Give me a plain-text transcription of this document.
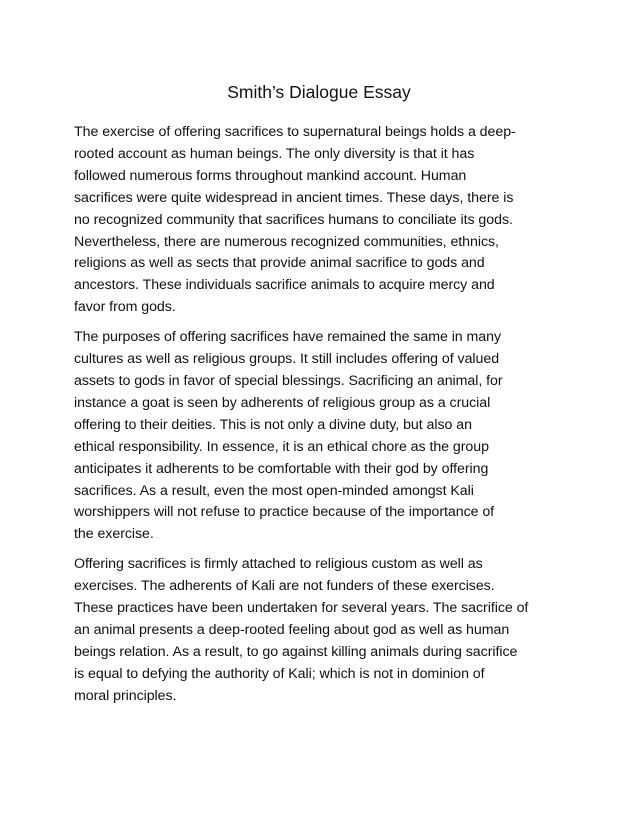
Smith’s Dialogue Essay

The exercise of offering sacrifices to supernatural beings holds a deep-
rooted account as human beings. The only diversity is that it has
followed numerous forms throughout mankind account. Human
sacrifices were quite widespread in ancient times. These days, there is
no recognized community that sacrifices humans to conciliate its gods.
Nevertheless, there are numerous recognized communities, ethnics,
religions as well as sects that provide animal sacrifice to gods and
ancestors. These individuals sacrifice animals to acquire mercy and
favor from gods.

The purposes of offering sacrifices have remained the same in many
cultures as well as religious groups. It still includes offering of valued
assets to gods in favor of special blessings. Sacrificing an animal, for
instance a goat is seen by adherents of religious group as a crucial
offering to their deities. This is not only a divine duty, but also an
ethical responsibility. In essence, it is an ethical chore as the group
anticipates it adherents to be comfortable with their god by offering
sacrifices. As a result, even the most open-minded amongst Kali
worshippers will not refuse to practice because of the importance of
the exercise.

Offering sacrifices is firmly attached to religious custom as well as
exercises. The adherents of Kali are not funders of these exercises.
These practices have been undertaken for several years. The sacrifice of
an animal presents a deep-rooted feeling about god as well as human
beings relation. As a result, to go against killing animals during sacrifice
is equal to defying the authority of Kali; which is not in dominion of
moral principles.
